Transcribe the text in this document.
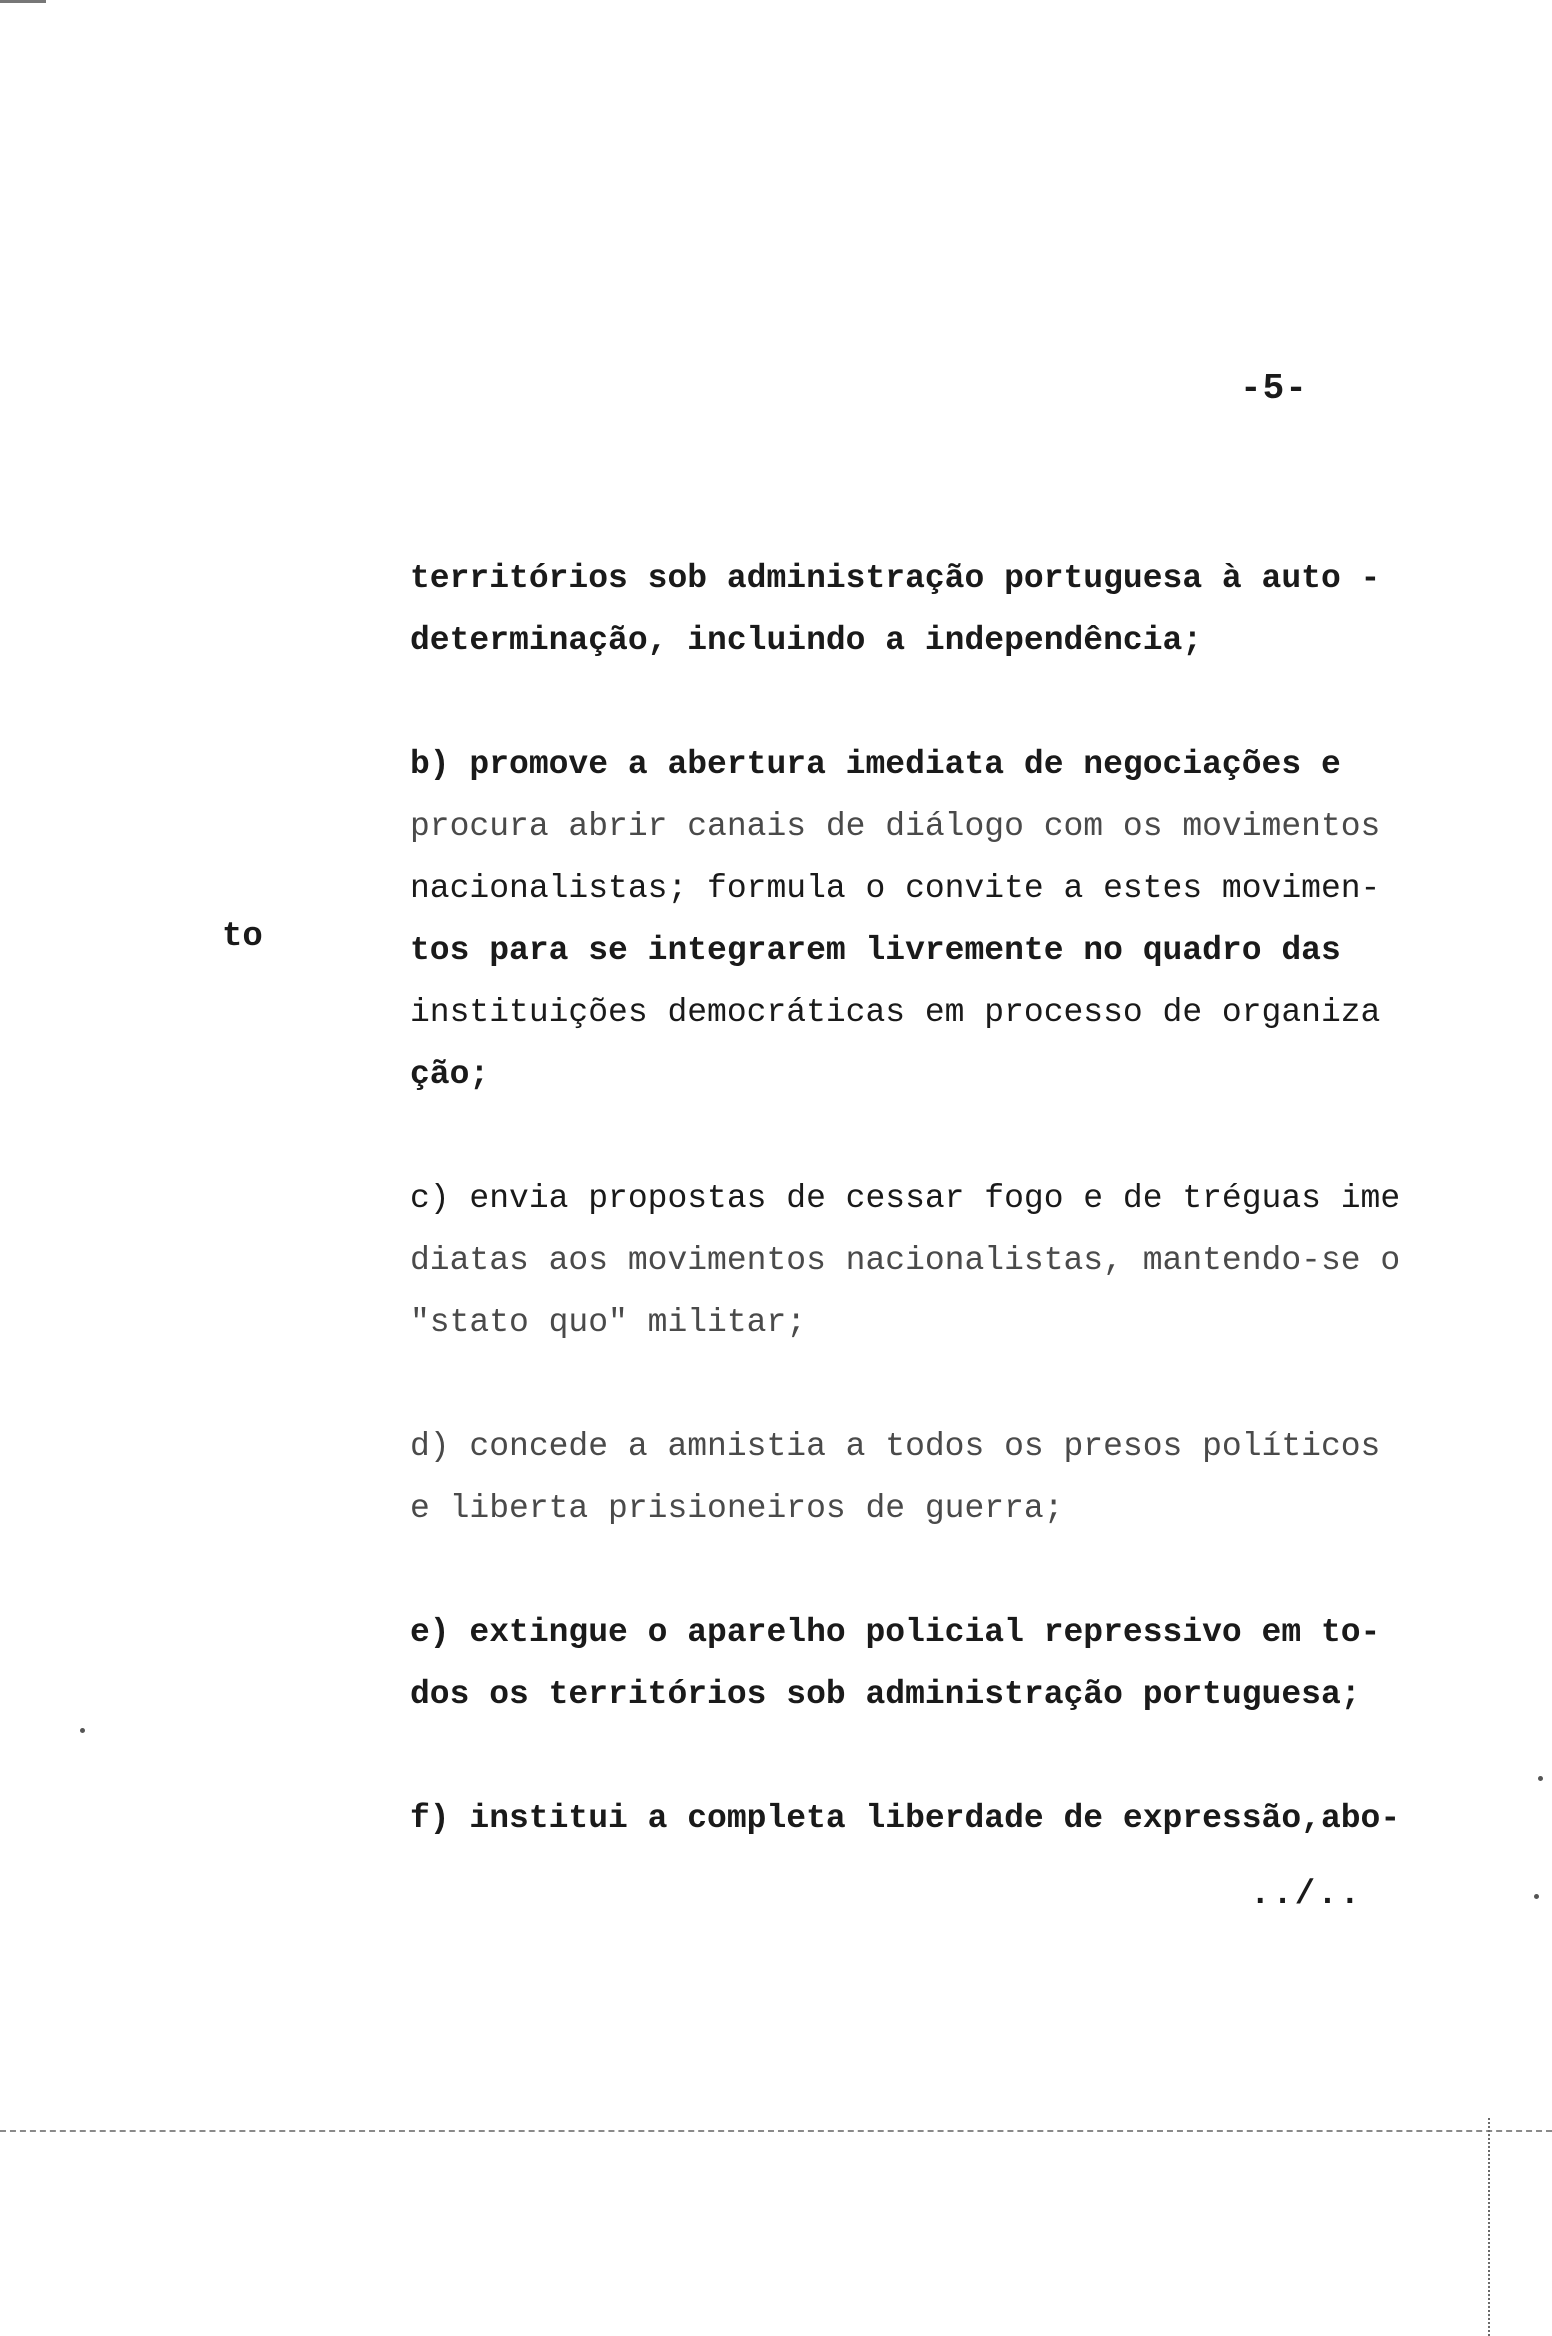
-5-
to

territórios sob administração portuguesa à auto -
determinação, incluindo a independência;

b) promove a abertura imediata de negociações e
procura abrir canais de diálogo com os movimentos
nacionalistas; formula o convite a estes movimen-
tos para se integrarem livremente no quadro das
instituições democráticas em processo de organiza
ção;

c) envia propostas de cessar fogo e de tréguas ime
diatas aos movimentos nacionalistas, mantendo-se o
"stato quo" militar;

d) concede a amnistia a todos os presos políticos
e liberta prisioneiros de guerra;

e) extingue o aparelho policial repressivo em to-
dos os territórios sob administração portuguesa;

f) institui a completa liberdade de expressão,abo-

../..
